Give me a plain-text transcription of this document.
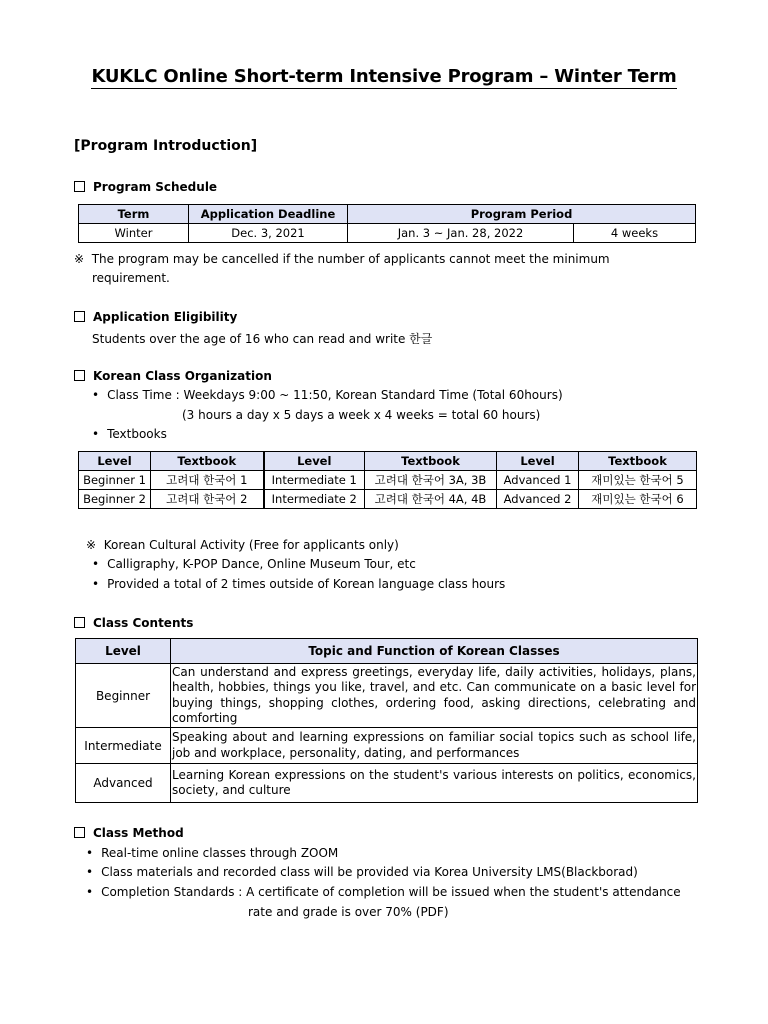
KUKLC Online Short-term Intensive Program – Winter Term
[Program Introduction]
Program Schedule
Term	Application Deadline	Program Period	
Winter	Dec. 3, 2021	Jan. 3 ~ Jan. 28, 2022	4 weeks
※ The program may be cancelled if the number of applicants cannot meet the minimum
requirement.
Application Eligibility
Students over the age of 16 who can read and write 한글
Korean Class Organization
• Class Time : Weekdays 9:00 ~ 11:50, Korean Standard Time (Total 60hours)
(3 hours a day x 5 days a week x 4 weeks = total 60 hours)
• Textbooks
Level	Textbook	Level	Textbook	Level	Textbook
Beginner 1	고려대 한국어 1	Intermediate 1	고려대 한국어 3A, 3B	Advanced 1	재미있는 한국어 5
Beginner 2	고려대 한국어 2	Intermediate 2	고려대 한국어 4A, 4B	Advanced 2	재미있는 한국어 6
※ Korean Cultural Activity (Free for applicants only)
• Calligraphy, K-POP Dance, Online Museum Tour, etc
• Provided a total of 2 times outside of Korean language class hours
Class Contents
Level	Topic and Function of Korean Classes
Beginner	Can understand and express greetings, everyday life, daily activities, holidays, plans, health, hobbies, things you like, travel, and etc. Can communicate on a basic level for buying things, shopping clothes, ordering food, asking directions, celebrating and comforting
Intermediate	Speaking about and learning expressions on familiar social topics such as school life, job and workplace, personality, dating, and performances
Advanced	Learning Korean expressions on the student's various interests on politics, economics, society, and culture
Class Method
• Real-time online classes through ZOOM
• Class materials and recorded class will be provided via Korea University LMS(Blackborad)
• Completion Standards : A certificate of completion will be issued when the student's attendance
rate and grade is over 70% (PDF)
